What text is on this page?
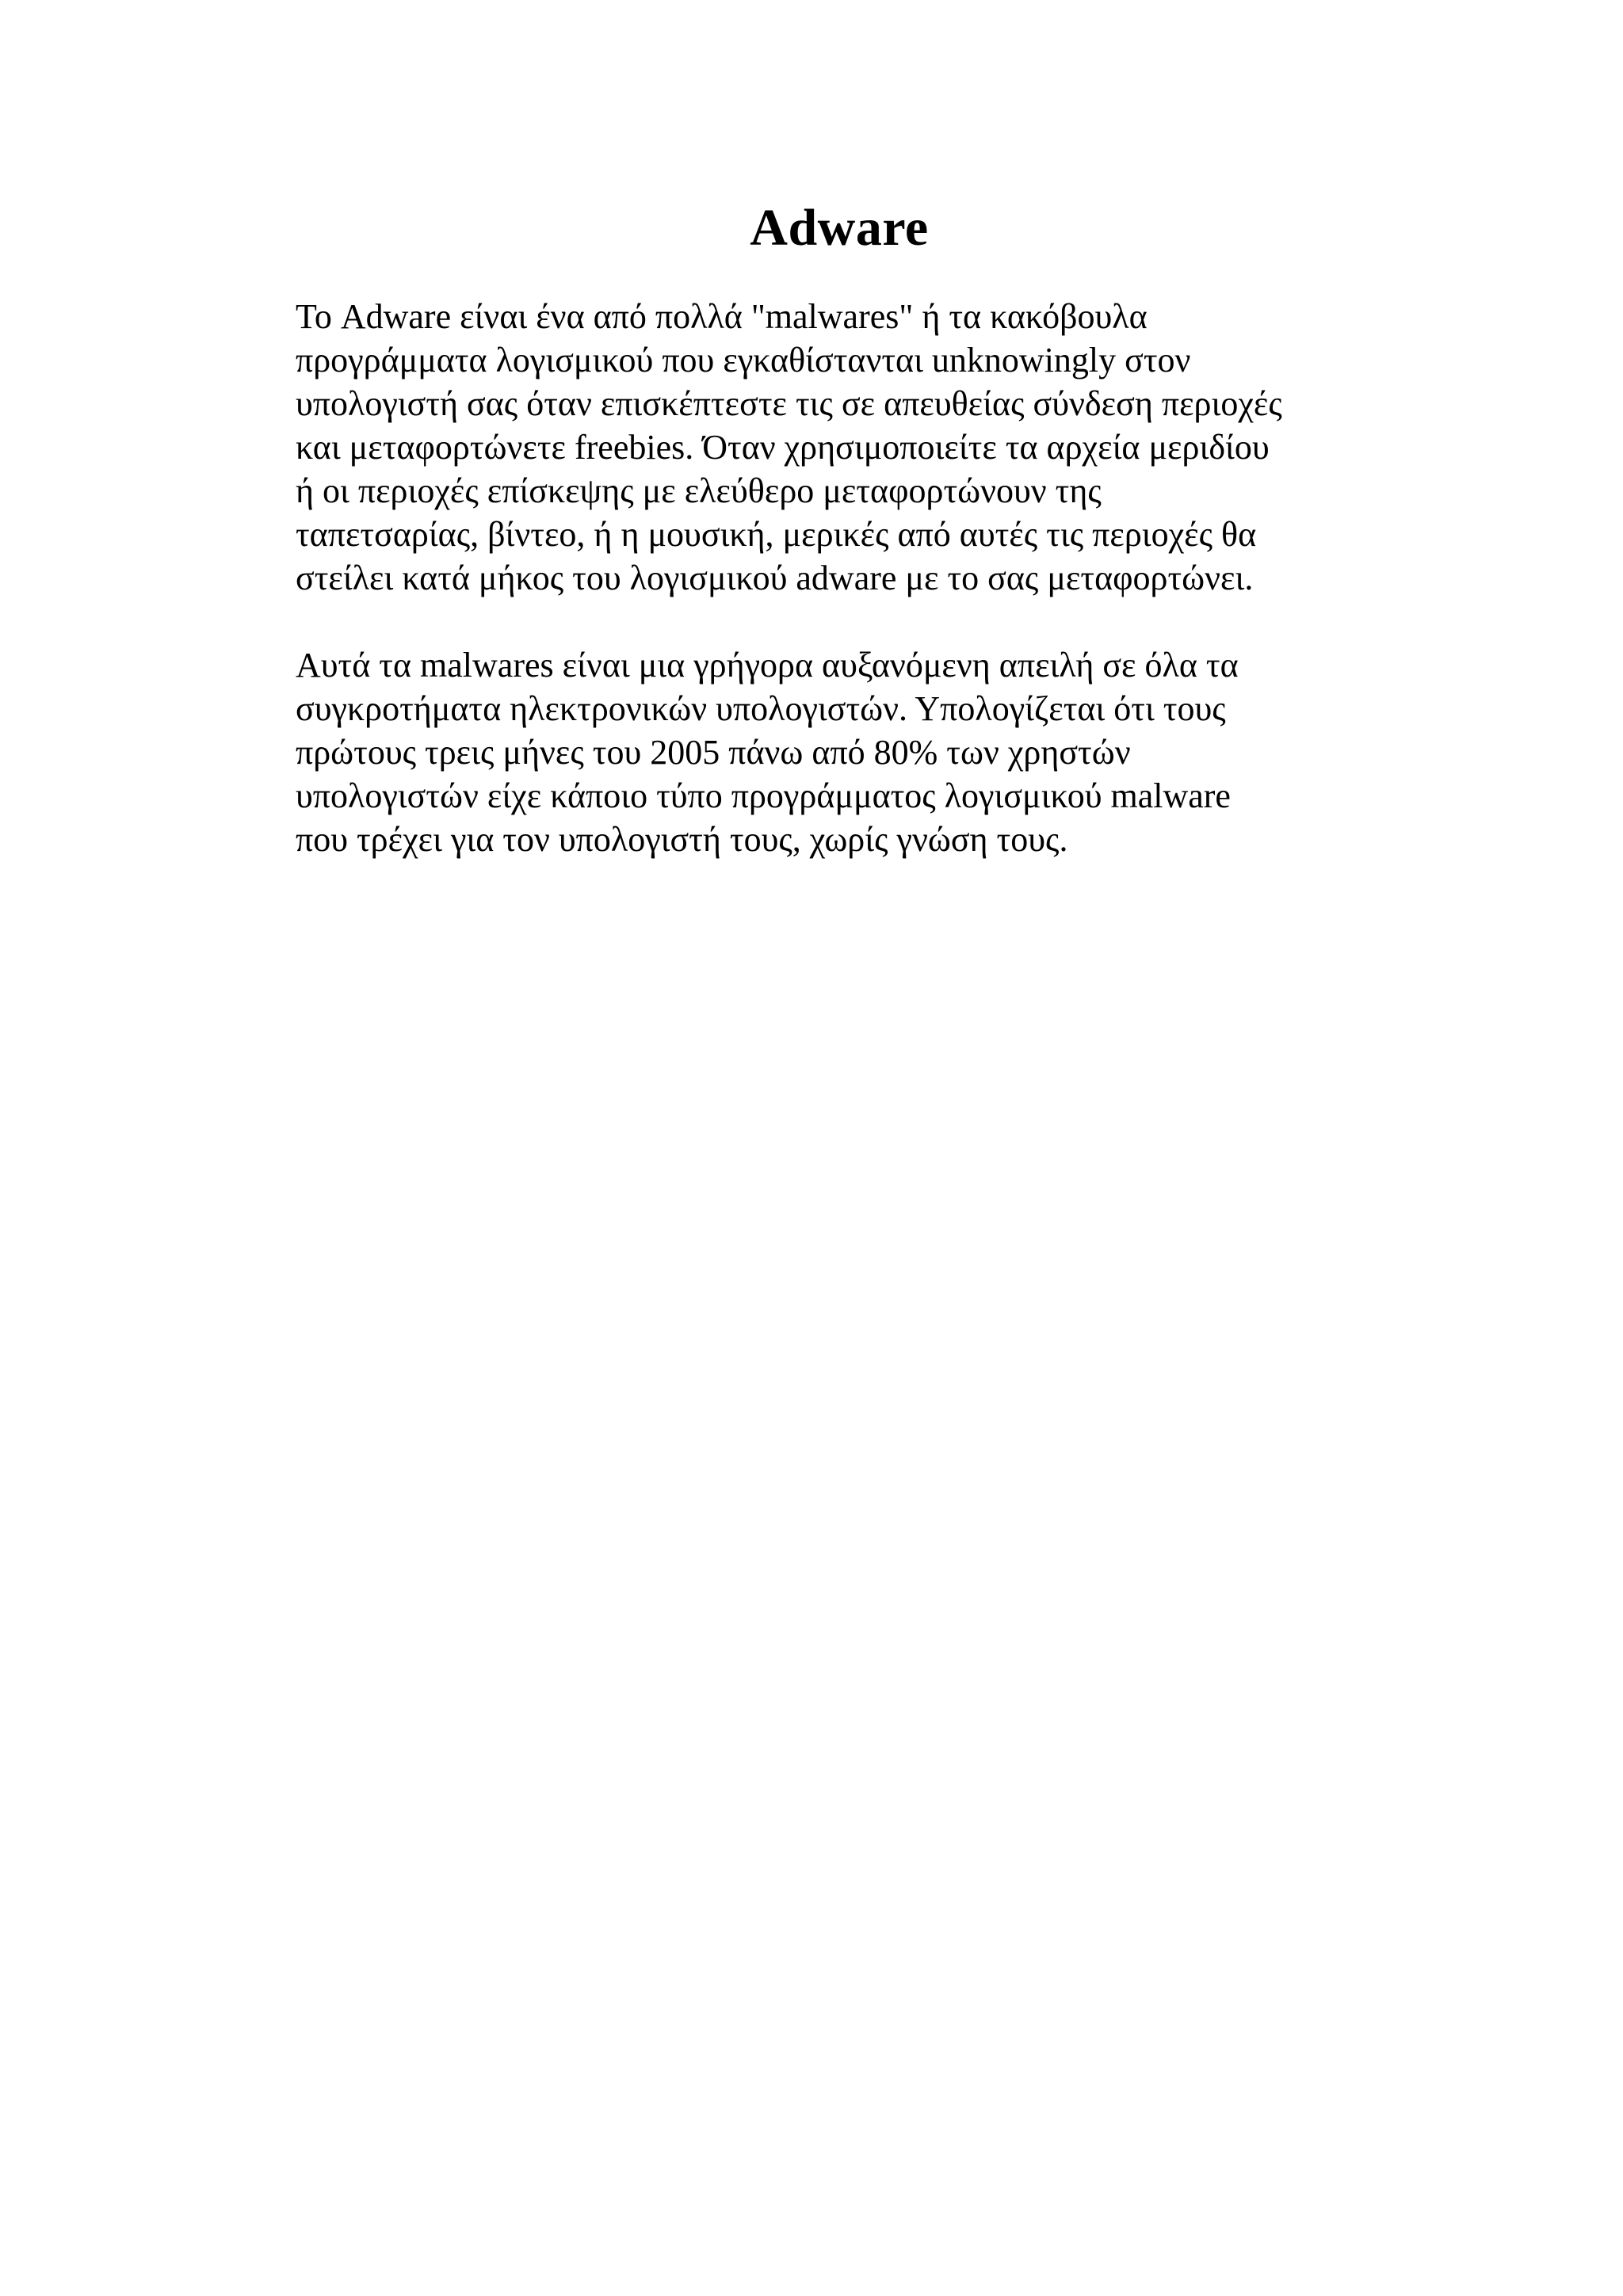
Adware

Το Adware είναι ένα από πολλά "malwares" ή τα κακόβουλα
προγράμματα λογισμικού που εγκαθίστανται unknowingly στον
υπολογιστή σας όταν επισκέπτεστε τις σε απευθείας σύνδεση περιοχές
και μεταφορτώνετε freebies. Όταν χρησιμοποιείτε τα αρχεία μεριδίου
ή οι περιοχές επίσκεψης με ελεύθερο μεταφορτώνουν της
ταπετσαρίας, βίντεο, ή η μουσική, μερικές από αυτές τις περιοχές θα
στείλει κατά μήκος του λογισμικού adware με το σας μεταφορτώνει.

Αυτά τα malwares είναι μια γρήγορα αυξανόμενη απειλή σε όλα τα
συγκροτήματα ηλεκτρονικών υπολογιστών. Υπολογίζεται ότι τους
πρώτους τρεις μήνες του 2005 πάνω από 80% των χρηστών
υπολογιστών είχε κάποιο τύπο προγράμματος λογισμικού malware
που τρέχει για τον υπολογιστή τους, χωρίς γνώση τους.
